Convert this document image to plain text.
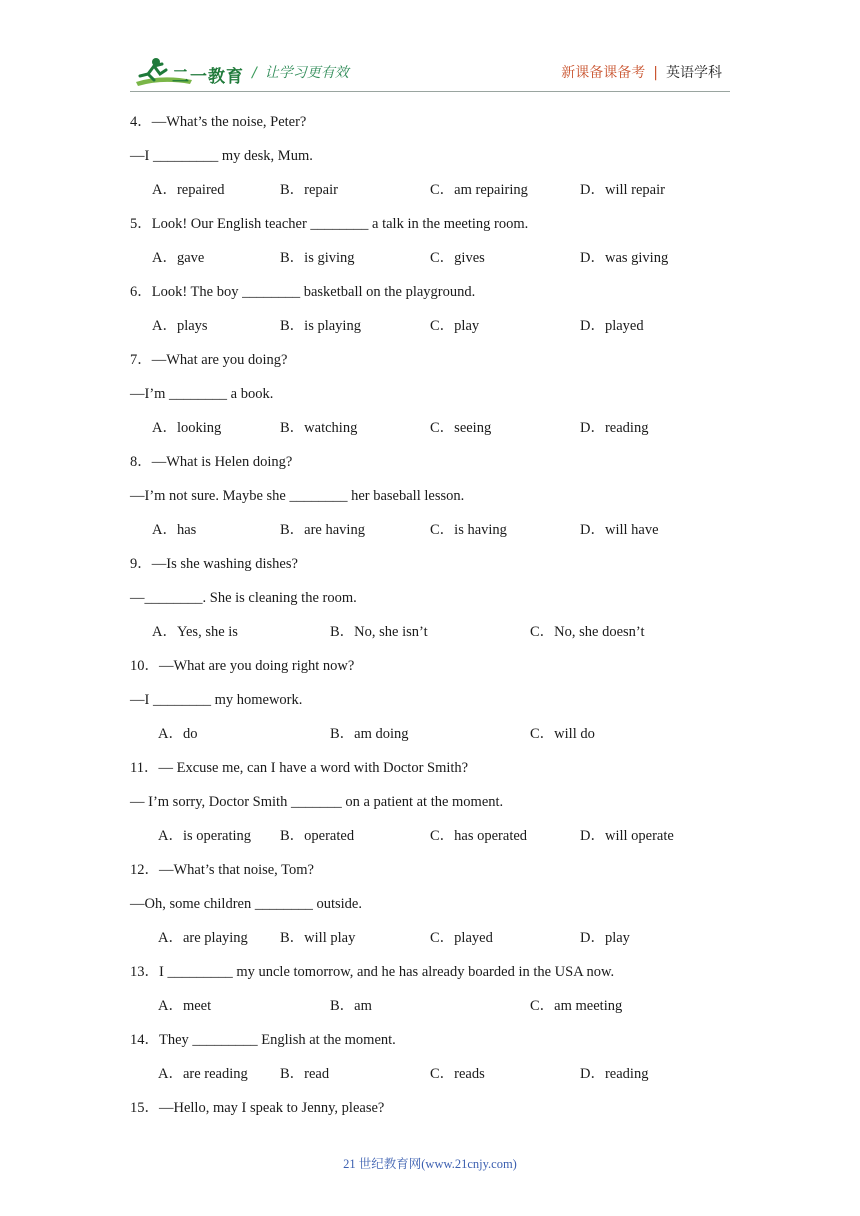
二一教育 / 让学习更有效	新课备课备考 | 英语学科
4．—What’s the noise, Peter?
—I _________ my desk, Mum.
A．repaired	B．repair	C．am repairing	D．will repair
5．Look! Our English teacher ________ a talk in the meeting room.
A．gave	B．is giving	C．gives	D．was giving
6．Look! The boy ________ basketball on the playground.
A．plays	B．is playing	C．play	D．played
7．—What are you doing?
—I’m ________ a book.
A．looking	B．watching	C．seeing	D．reading
8．—What is Helen doing?
—I’m not sure. Maybe she ________ her baseball lesson.
A．has	B．are having	C．is having	D．will have
9．—Is she washing dishes?
—________. She is cleaning the room.
A．Yes, she is	B．No, she isn’t	C．No, she doesn’t
10．—What are you doing right now?
—I ________ my homework.
A．do	B．am doing	C．will do
11．— Excuse me, can I have a word with Doctor Smith?
— I’m sorry, Doctor Smith _______ on a patient at the moment.
A．is operating B．operated	C．has operated	D．will operate
12．—What’s that noise, Tom?
—Oh, some children ________ outside.
A．are playing B．will play	C．played	D．play
13．I _________ my uncle tomorrow, and he has already boarded in the USA now.
A．meet	B．am	C．am meeting
14．They _________ English at the moment.
A．are reading B．read	C．reads	D．reading
15．—Hello, may I speak to Jenny, please?
21 世纪教育网(www.21cnjy.com)
